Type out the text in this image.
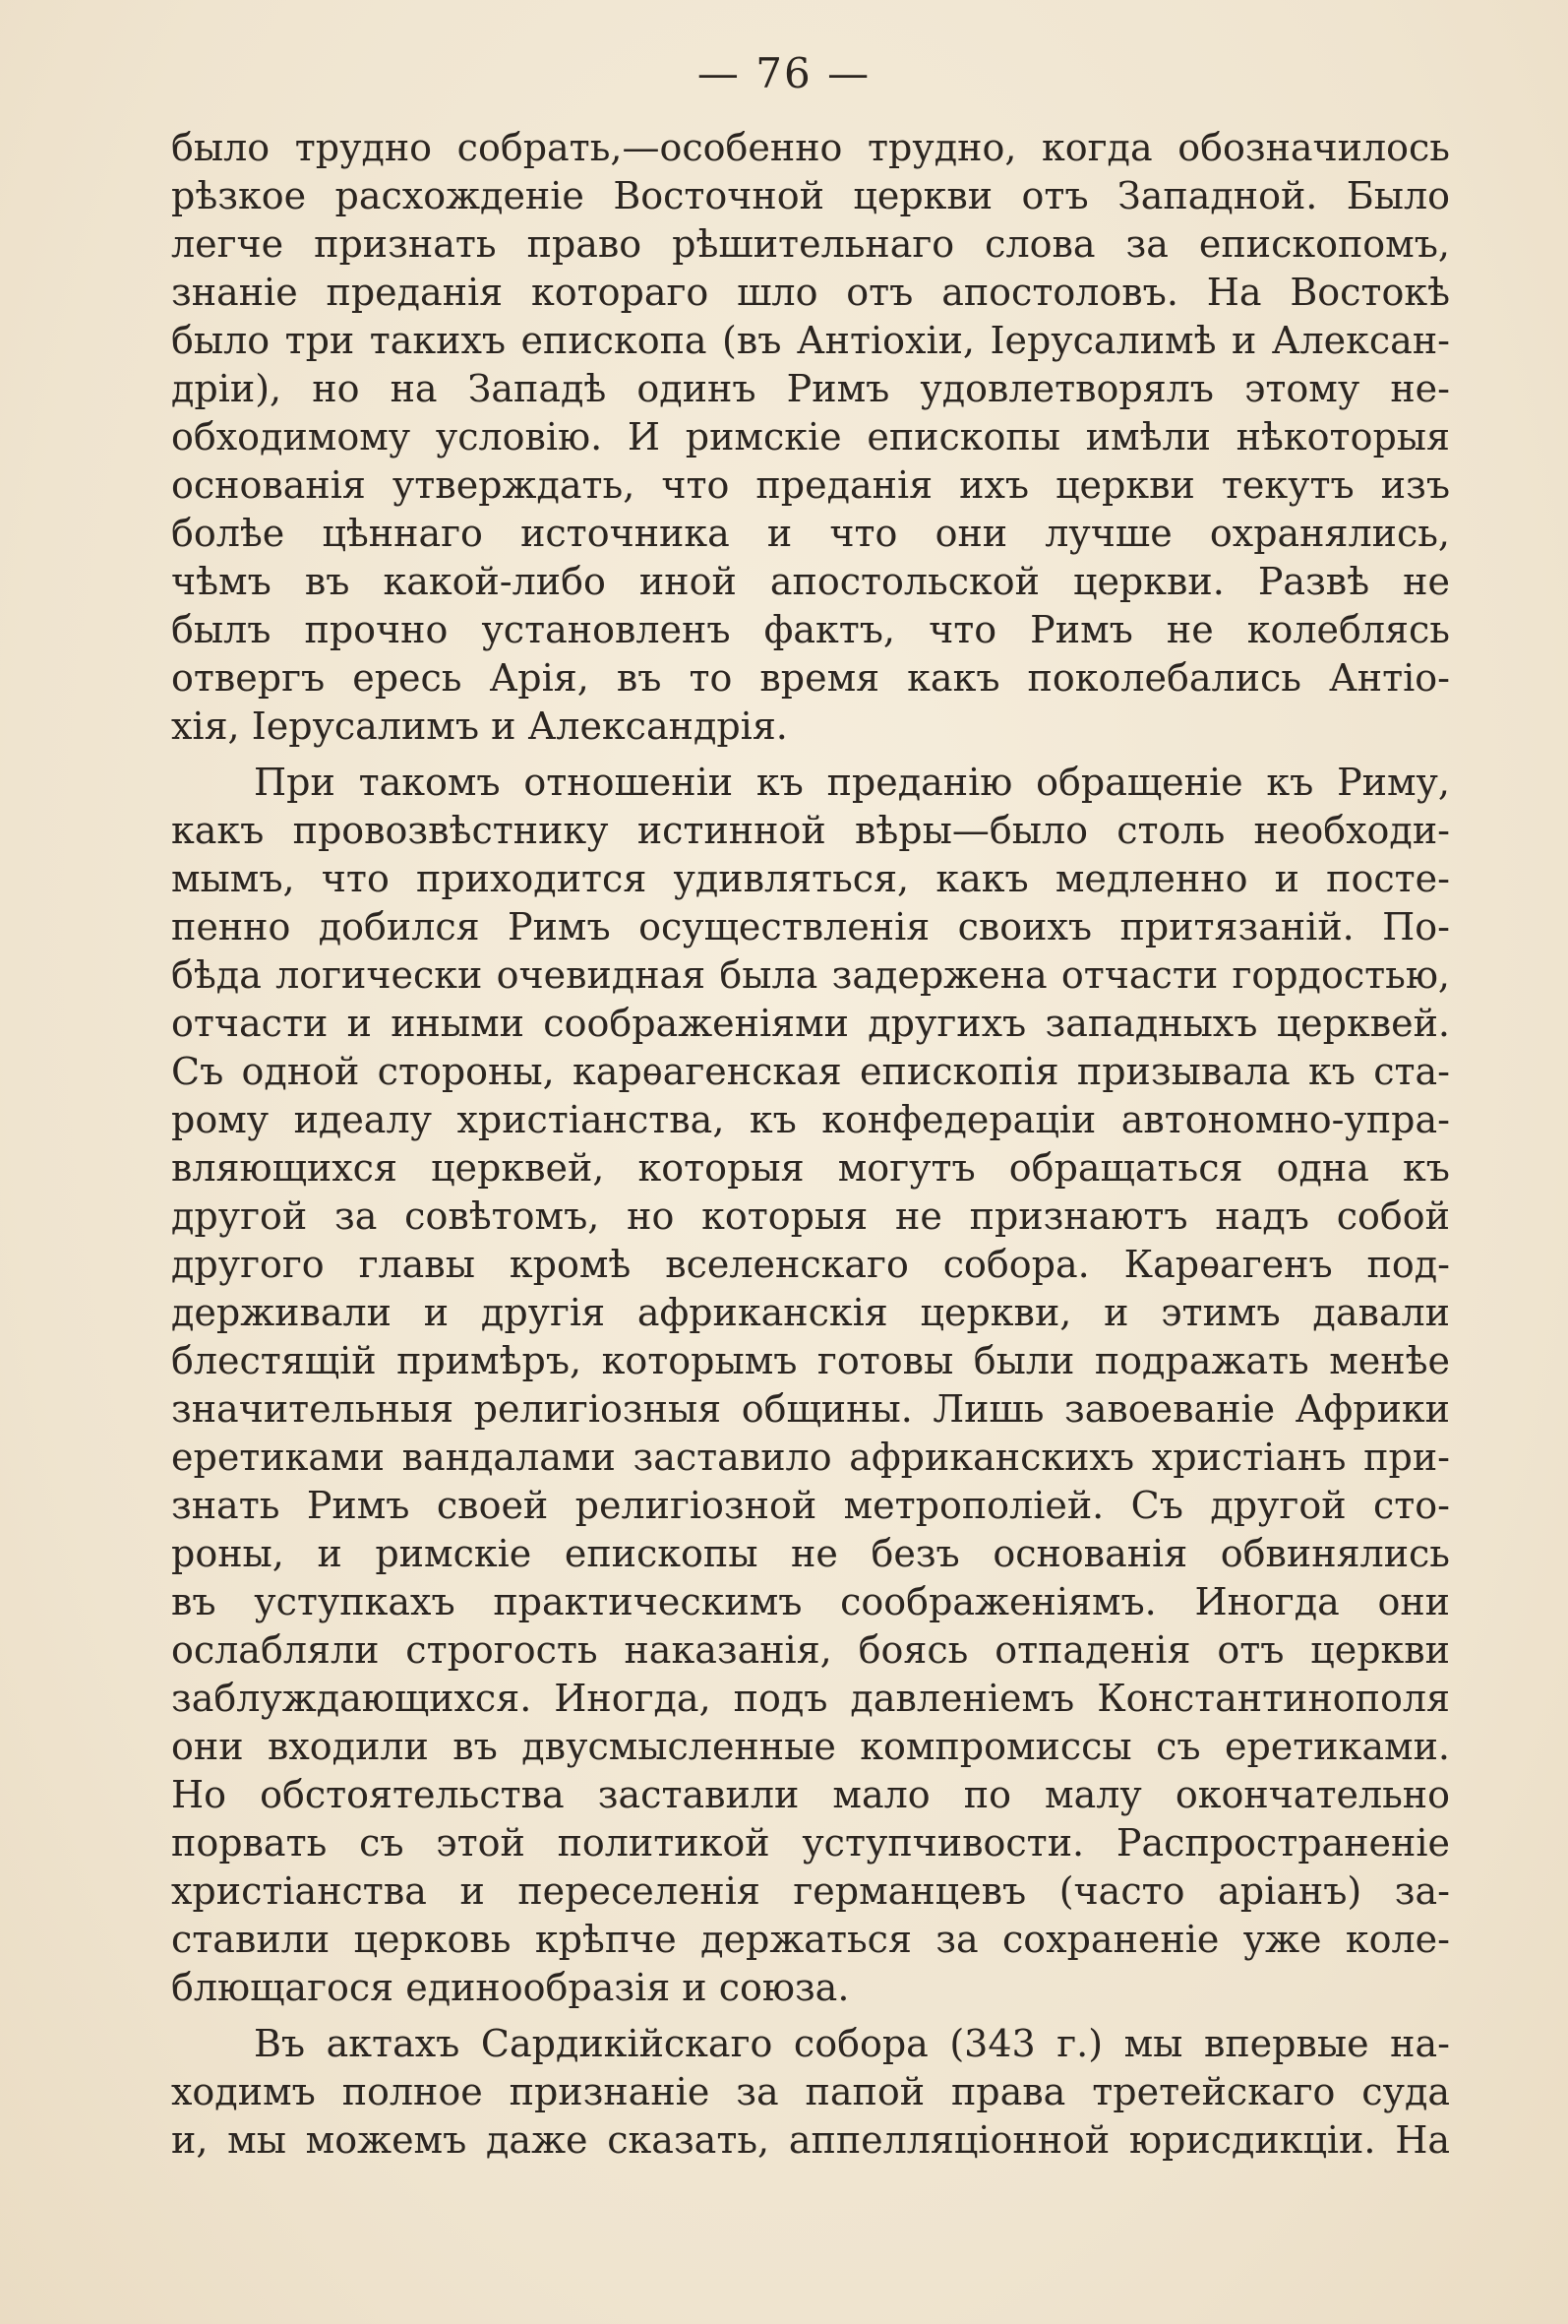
— 76 —
было трудно собрать,—особенно трудно, когда обозначилось
рѣзкое расхожденіе Восточной церкви отъ Западной. Было
легче признать право рѣшительнаго слова за епископомъ,
знаніе преданія котораго шло отъ апостоловъ. На Востокѣ
было три такихъ епископа (въ Антіохіи, Іерусалимѣ и Алексан-
дріи), но на Западѣ одинъ Римъ удовлетворялъ этому не-
обходимому условію. И римскіе епископы имѣли нѣкоторыя
основанія утверждать, что преданія ихъ церкви текутъ изъ
болѣе цѣннаго источника и что они лучше охранялись,
чѣмъ въ какой-либо иной апостольской церкви. Развѣ не
былъ прочно установленъ фактъ, что Римъ не колеблясь
отвергъ ересь Арія, въ то время какъ поколебались Антіо-
хія, Іерусалимъ и Александрія.
При такомъ отношеніи къ преданію обращеніе къ Риму,
какъ провозвѣстнику истинной вѣры—было столь необходи-
мымъ, что приходится удивляться, какъ медленно и посте-
пенно добился Римъ осуществленія своихъ притязаній. По-
бѣда логически очевидная была задержена отчасти гордостью,
отчасти и иными соображеніями другихъ западныхъ церквей.
Съ одной стороны, карѳагенская епископія призывала къ ста-
рому идеалу христіанства, къ конфедераціи автономно-упра-
вляющихся церквей, которыя могутъ обращаться одна къ
другой за совѣтомъ, но которыя не признаютъ надъ собой
другого главы кромѣ вселенскаго собора. Карѳагенъ под-
держивали и другія африканскія церкви, и этимъ давали
блестящій примѣръ, которымъ готовы были подражать менѣе
значительныя религіозныя общины. Лишь завоеваніе Африки
еретиками вандалами заставило африканскихъ христіанъ при-
знать Римъ своей религіозной метрополіей. Съ другой сто-
роны, и римскіе епископы не безъ основанія обвинялись
въ уступкахъ практическимъ соображеніямъ. Иногда они
ослабляли строгость наказанія, боясь отпаденія отъ церкви
заблуждающихся. Иногда, подъ давленіемъ Константинополя
они входили въ двусмысленные компромиссы съ еретиками.
Но обстоятельства заставили мало по малу окончательно
порвать съ этой политикой уступчивости. Распространеніе
христіанства и переселенія германцевъ (часто аріанъ) за-
ставили церковь крѣпче держаться за сохраненіе уже коле-
блющагося единообразія и союза.
Въ актахъ Сардикійскаго собора (343 г.) мы впервые на-
ходимъ полное признаніе за папой права третейскаго суда
и, мы можемъ даже сказать, аппелляціонной юрисдикціи. На
